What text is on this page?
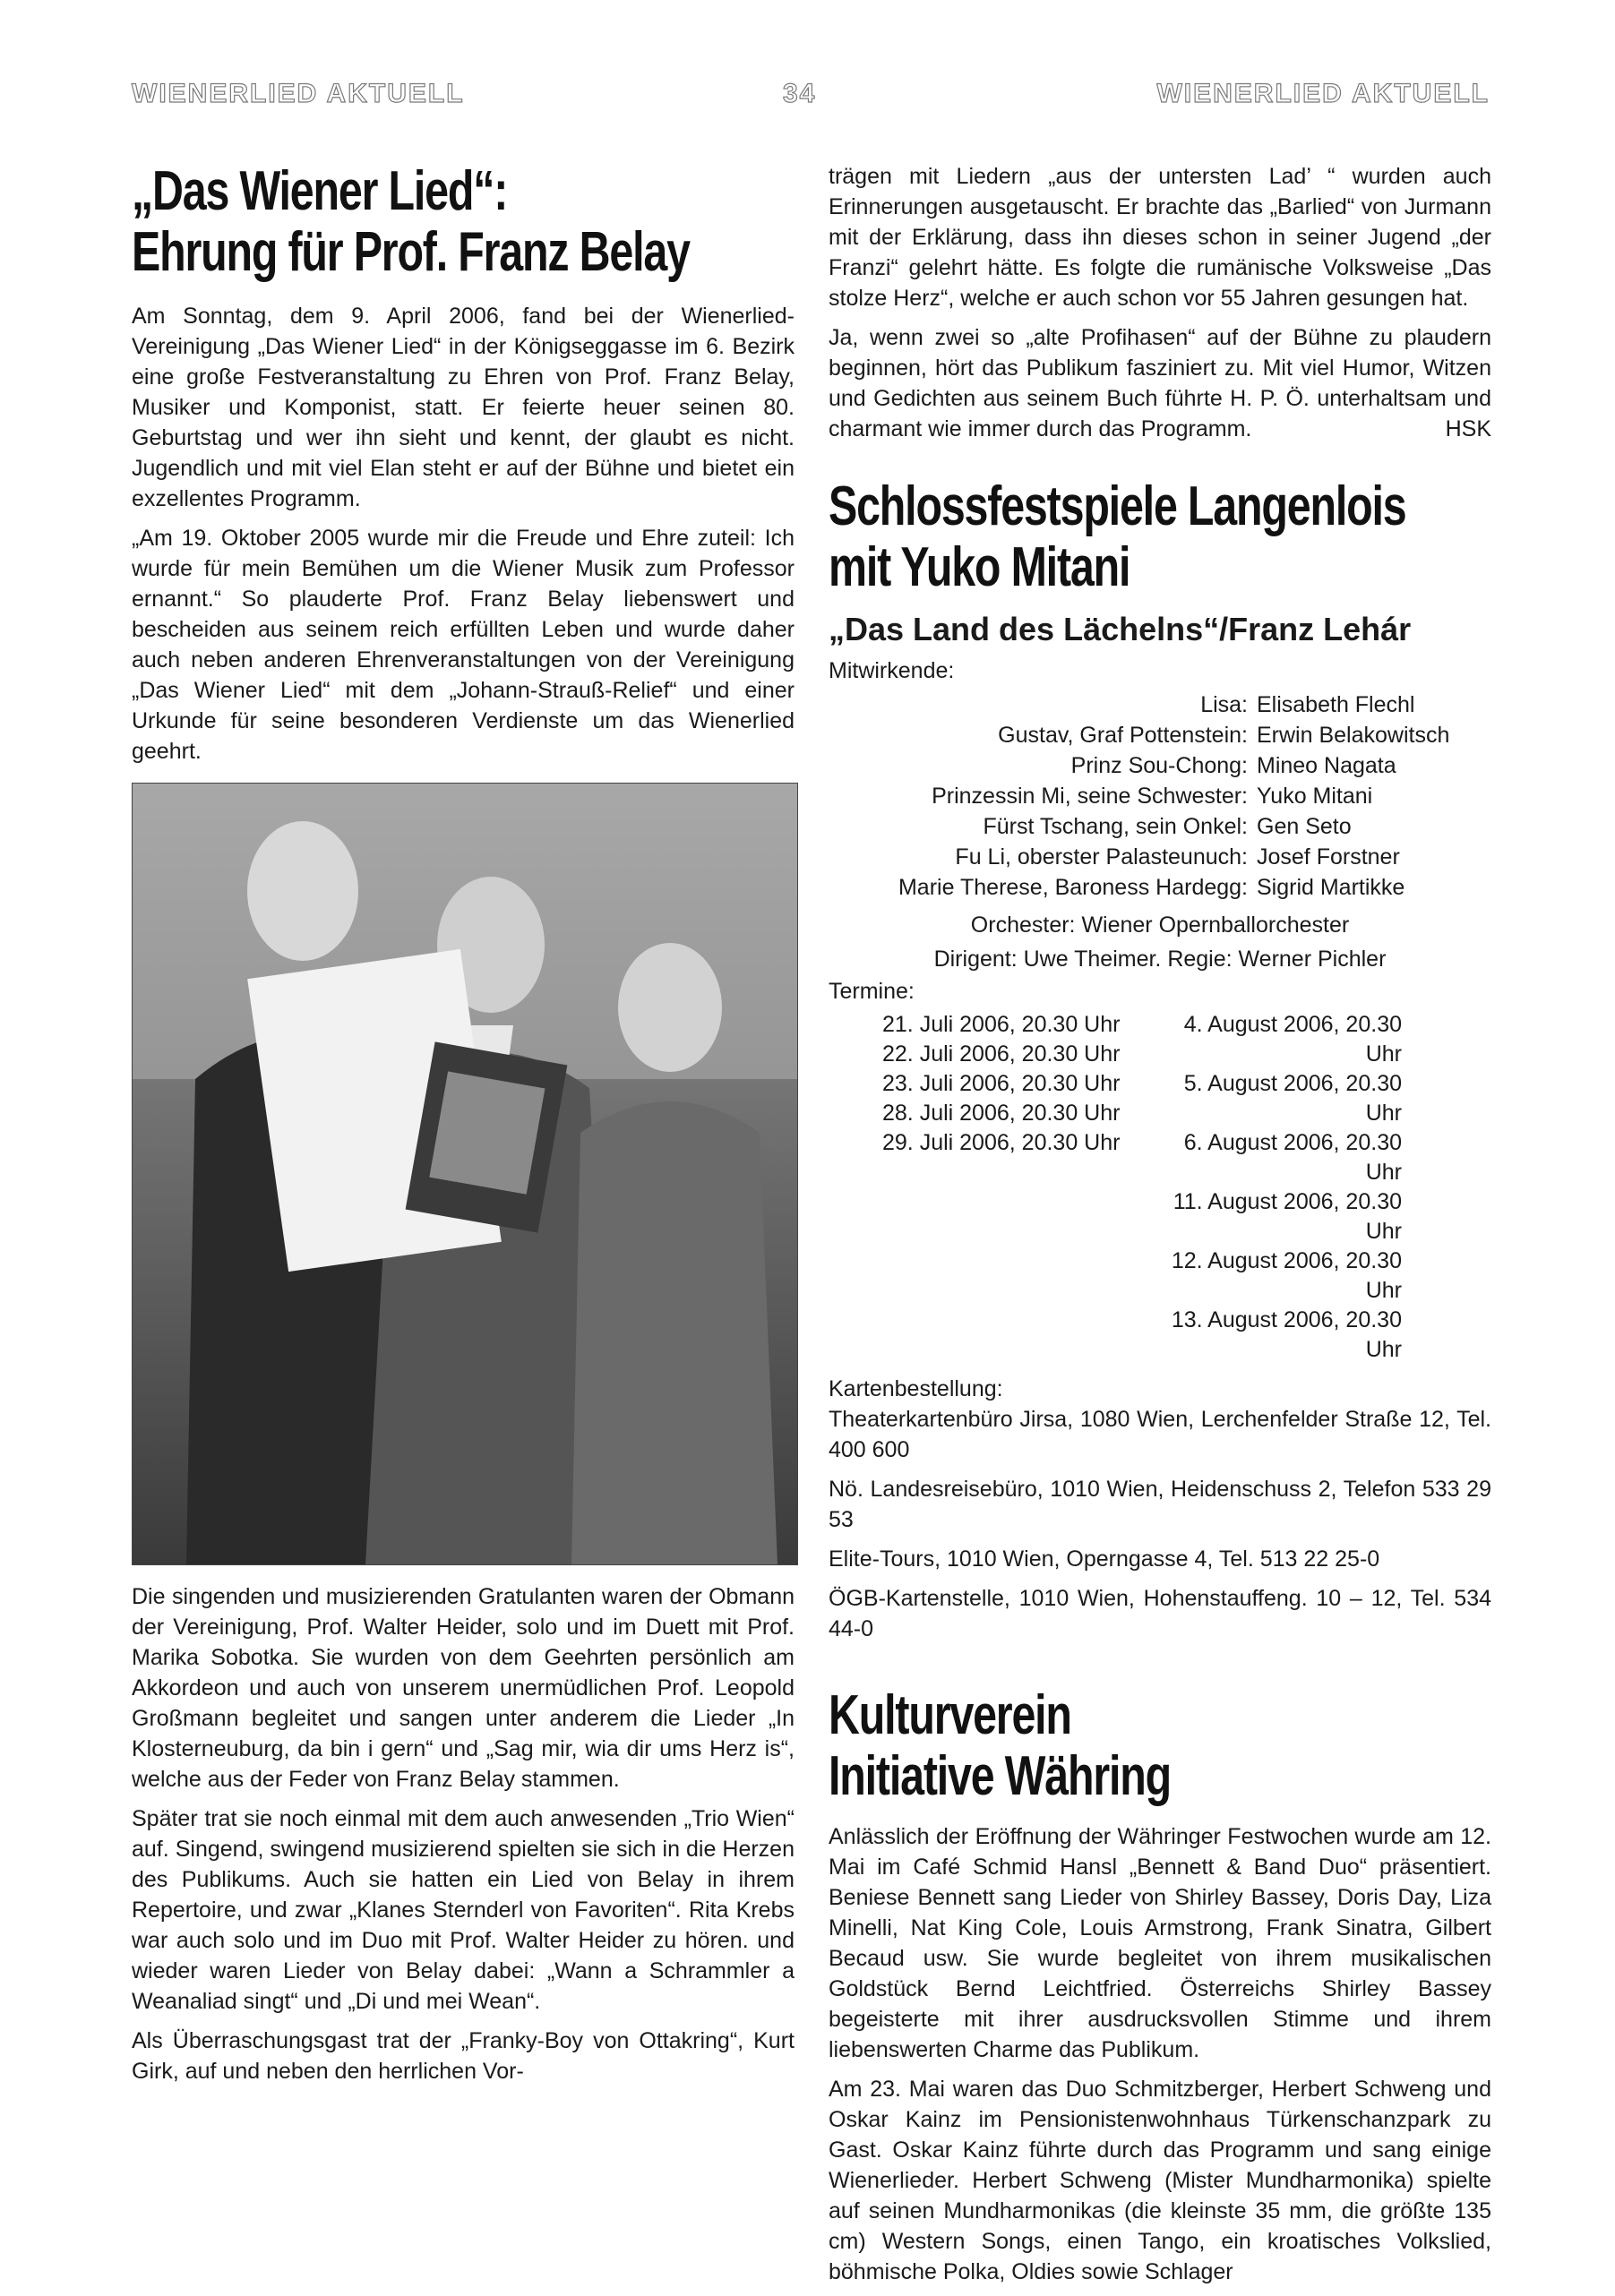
WIENERLIED AKTUELL	34	WIENERLIED AKTUELL
„Das Wiener Lied“:
Ehrung für Prof. Franz Belay

Am Sonntag, dem 9. April 2006, fand bei der Wienerlied-Vereinigung „Das Wiener Lied“ in der Königseggasse im 6. Bezirk eine große Festveranstaltung zu Ehren von Prof. Franz Belay, Musiker und Komponist, statt. Er feierte heuer seinen 80. Geburtstag und wer ihn sieht und kennt, der glaubt es nicht. Jugendlich und mit viel Elan steht er auf der Bühne und bietet ein exzellentes Programm.

„Am 19. Oktober 2005 wurde mir die Freude und Ehre zuteil: Ich wurde für mein Bemühen um die Wiener Musik zum Professor ernannt.“ So plauderte Prof. Franz Belay liebenswert und bescheiden aus seinem reich erfüllten Leben und wurde daher auch neben anderen Ehrenveranstaltungen von der Vereinigung „Das Wiener Lied“ mit dem „Johann-Strauß-Relief“ und einer Urkunde für seine besonderen Verdienste um das Wienerlied geehrt.

Die singenden und musizierenden Gratulanten waren der Obmann der Vereinigung, Prof. Walter Heider, solo und im Duett mit Prof. Marika Sobotka. Sie wurden von dem Geehrten persönlich am Akkordeon und auch von unserem unermüdlichen Prof. Leopold Großmann begleitet und sangen unter anderem die Lieder „In Klosterneuburg, da bin i gern“ und „Sag mir, wia dir ums Herz is“, welche aus der Feder von Franz Belay stammen.

Später trat sie noch einmal mit dem auch anwesenden „Trio Wien“ auf. Singend, swingend musizierend spielten sie sich in die Herzen des Publikums. Auch sie hatten ein Lied von Belay in ihrem Repertoire, und zwar „Klanes Sternderl von Favoriten“. Rita Krebs war auch solo und im Duo mit Prof. Walter Heider zu hören. und wieder waren Lieder von Belay dabei: „Wann a Schrammler a Weanaliad singt“ und „Di und mei Wean“.

Als Überraschungsgast trat der „Franky-Boy von Ottakring“, Kurt Girk, auf und neben den herrlichen Vor-

trägen mit Liedern „aus der untersten Lad’ “ wurden auch Erinnerungen ausgetauscht. Er brachte das „Barlied“ von Jurmann mit der Erklärung, dass ihn dieses schon in seiner Jugend „der Franzi“ gelehrt hätte. Es folgte die rumänische Volksweise „Das stolze Herz“, welche er auch schon vor 55 Jahren gesungen hat.

Ja, wenn zwei so „alte Profihasen“ auf der Bühne zu plaudern beginnen, hört das Publikum fasziniert zu. Mit viel Humor, Witzen und Gedichten aus seinem Buch führte H. P. Ö. unterhaltsam und charmant wie immer durch das Programm.	HSK
Schlossfestspiele Langenlois
mit Yuko Mitani
„Das Land des Lächelns“/Franz Lehár

Mitwirkende:

Lisa: Elisabeth Flechl
Gustav, Graf Pottenstein: Erwin Belakowitsch
Prinz Sou-Chong: Mineo Nagata
Prinzessin Mi, seine Schwester: Yuko Mitani
Fürst Tschang, sein Onkel: Gen Seto
Fu Li, oberster Palasteunuch: Josef Forstner
Marie Therese, Baroness Hardegg: Sigrid Martikke
Orchester: Wiener Opernballorchester
Dirigent: Uwe Theimer. Regie: Werner Pichler

Termine:

21. Juli 2006, 20.30 Uhr
22. Juli 2006, 20.30 Uhr
23. Juli 2006, 20.30 Uhr
28. Juli 2006, 20.30 Uhr
29. Juli 2006, 20.30 Uhr
4. August 2006, 20.30 Uhr
5. August 2006, 20.30 Uhr
6. August 2006, 20.30 Uhr
11. August 2006, 20.30 Uhr
12. August 2006, 20.30 Uhr
13. August 2006, 20.30 Uhr

Kartenbestellung:

Theaterkartenbüro Jirsa, 1080 Wien, Lerchenfelder Straße 12, Tel. 400 600

Nö. Landesreisebüro, 1010 Wien, Heidenschuss 2, Telefon 533 29 53

Elite-Tours, 1010 Wien, Operngasse 4, Tel. 513 22 25-0

ÖGB-Kartenstelle, 1010 Wien, Hohenstauffeng. 10 – 12, Tel. 534 44-0

Kulturverein
Initiative Währing

Anlässlich der Eröffnung der Währinger Festwochen wurde am 12. Mai im Café Schmid Hansl „Bennett & Band Duo“ präsentiert. Beniese Bennett sang Lieder von Shirley Bassey, Doris Day, Liza Minelli, Nat King Cole, Louis Armstrong, Frank Sinatra, Gilbert Becaud usw. Sie wurde begleitet von ihrem musikalischen Goldstück Bernd Leichtfried. Österreichs Shirley Bassey begeisterte mit ihrer ausdrucksvollen Stimme und ihrem liebenswerten Charme das Publikum.

Am 23. Mai waren das Duo Schmitzberger, Herbert Schweng und Oskar Kainz im Pensionistenwohnhaus Türkenschanzpark zu Gast. Oskar Kainz führte durch das Programm und sang einige Wienerlieder. Herbert Schweng (Mister Mundharmonika) spielte auf seinen Mundharmonikas (die kleinste 35 mm, die größte 135 cm) Western Songs, einen Tango, ein kroatisches Volkslied, böhmische Polka, Oldies sowie Schlager
